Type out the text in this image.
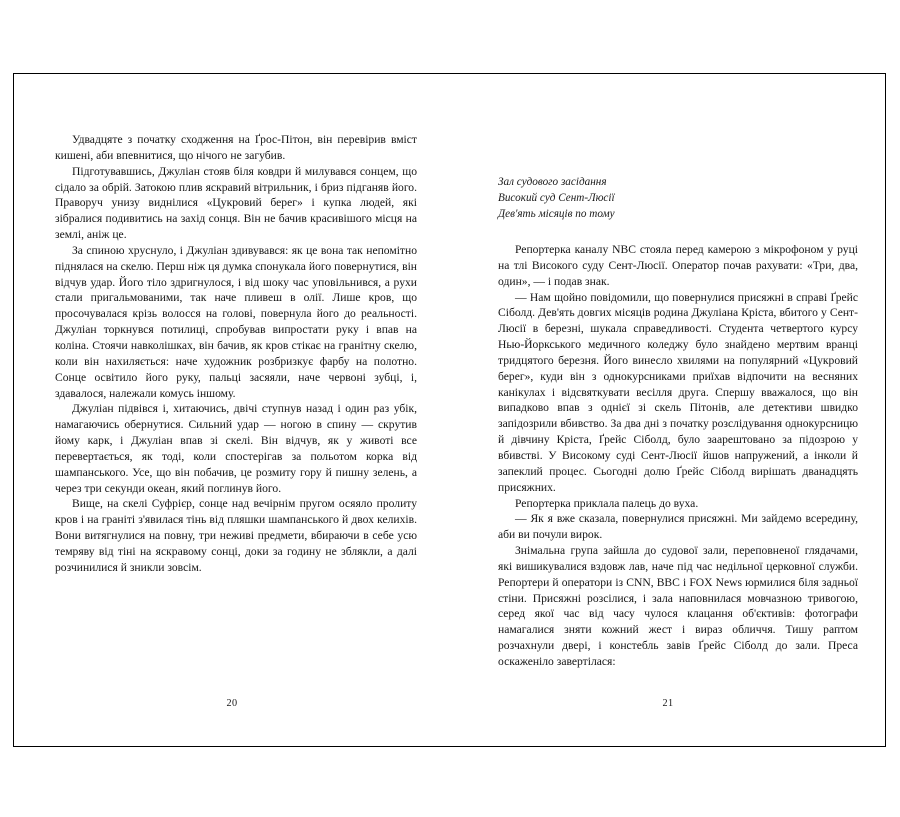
Удвадцяте з початку сходження на Ґрос-Пітон, він перевірив вміст кишені, аби впевнитися, що нічого не загубив.

Підготувавшись, Джуліан стояв біля ковдри й милувався сонцем, що сідало за обрій. Затокою плив яскравий вітрильник, і бриз підганяв його. Праворуч унизу виднілися «Цукровий берег» і купка людей, які зібралися подивитись на захід сонця. Він не бачив красивішого місця на землі, аніж це.

За спиною хруснуло, і Джуліан здивувався: як це вона так непомітно піднялася на скелю. Перш ніж ця думка спонукала його повернутися, він відчув удар. Його тіло здригнулося, і від шоку час уповільнився, а рухи стали пригальмованими, так наче пливеш в олії. Лише кров, що просочувалася крізь волосся на голові, повернула його до реальності. Джуліан торкнувся потилиці, спробував випростати руку і впав на коліна. Стоячи навколішках, він бачив, як кров стікає на гранітну скелю, коли він нахиляється: наче художник розбризкує фарбу на полотно. Сонце освітило його руку, пальці засяяли, наче червоні зубці, і, здавалося, належали комусь іншому.

Джуліан підвівся і, хитаючись, двічі ступнув назад і один раз убік, намагаючись обернутися. Сильний удар — ногою в спину — скрутив йому карк, і Джуліан впав зі скелі. Він відчув, як у животі все перевертається, як тоді, коли спостерігав за польотом корка від шампанського. Усе, що він побачив, це розмиту гору й пишну зелень, а через три секунди океан, який поглинув його.

Вище, на скелі Суфрієр, сонце над вечірнім пругом осяяло пролиту кров і на граніті з'явилася тінь від пляшки шампанського й двох келихів. Вони витягнулися на повну, три неживі предмети, вбираючи в себе усю темряву від тіні на яскравому сонці, доки за годину не зблякли, а далі розчинилися й зникли зовсім.

20
Зал судового засідання
Високий суд Сент-Люсії
Дев'ять місяців по тому

Репортерка каналу NBC стояла перед камерою з мікрофоном у руці на тлі Високого суду Сент-Люсії. Оператор почав рахувати: «Три, два, один», — і подав знак.

— Нам щойно повідомили, що повернулися присяжні в справі Ґрейс Сіболд. Дев'ять довгих місяців родина Джуліана Кріста, вбитого у Сент-Люсії в березні, шукала справедливості. Студента четвертого курсу Нью-Йоркського медичного коледжу було знайдено мертвим вранці тридцятого березня. Його винесло хвилями на популярний «Цукровий берег», куди він з однокурсниками приїхав відпочити на весняних канікулах і відсвяткувати весілля друга. Спершу вважалося, що він випадково впав з однієї зі скель Пітонів, але детективи швидко запідозрили вбивство. За два дні з початку розслідування однокурсницю й дівчину Кріста, Ґрейс Сіболд, було заарештовано за підозрою у вбивстві. У Високому суді Сент-Люсії йшов напружений, а інколи й запеклий процес. Сьогодні долю Ґрейс Сіболд вирішать дванадцять присяжних.

Репортерка приклала палець до вуха.

— Як я вже сказала, повернулися присяжні. Ми зайдемо всередину, аби ви почули вирок.

Знімальна група зайшла до судової зали, переповненої глядачами, які вишикувалися вздовж лав, наче під час недільної церковної служби. Репортери й оператори із CNN, BBC і FOX News юрмилися біля задньої стіни. Присяжні розсілися, і зала наповнилася мовчазною тривогою, серед якої час від часу чулося клацання об'єктивів: фотографи намагалися зняти кожний жест і вираз обличчя. Тишу раптом розчахнули двері, і констебль завів Ґрейс Сіболд до зали. Преса оскаженіло завертілася:

21
